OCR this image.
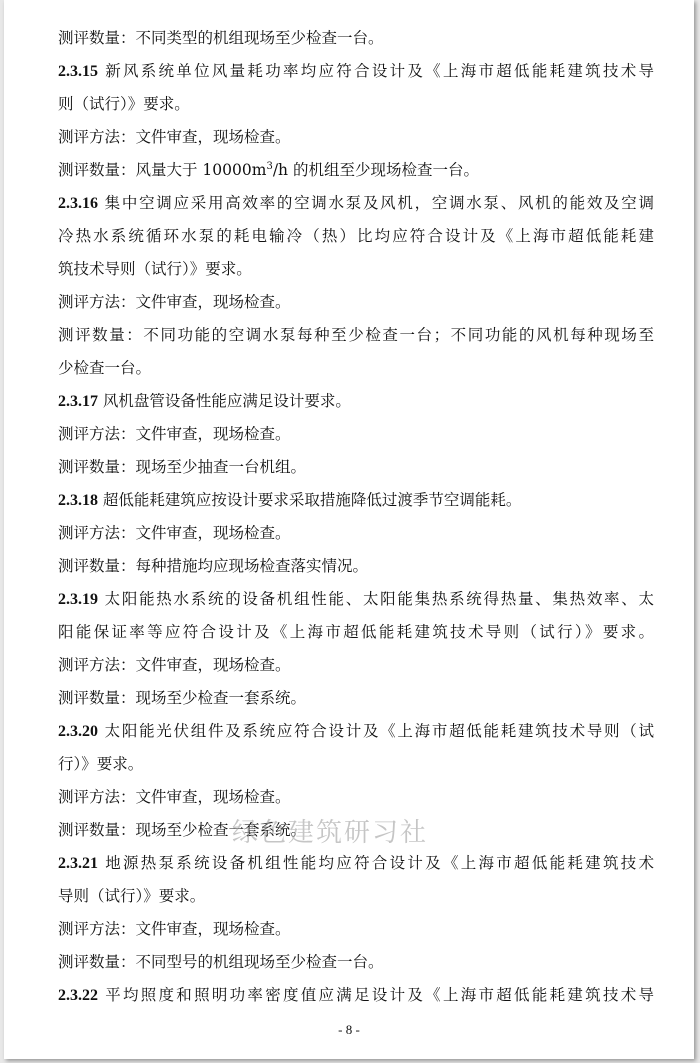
测评数量：不同类型的机组现场至少检查一台。
2.3.15 新风系统单位风量耗功率均应符合设计及《上海市超低能耗建筑技术导
则（试行）》要求。
测评方法：文件审查，现场检查。
测评数量：风量大于 $10000m^3/h$ 的机组至少现场检查一台。
2.3.16 集中空调应采用高效率的空调水泵及风机，空调水泵、风机的能效及空调
冷热水系统循环水泵的耗电输冷（热）比均应符合设计及《上海市超低能耗建
筑技术导则（试行）》要求。
测评方法：文件审查，现场检查。
测评数量：不同功能的空调水泵每种至少检查一台；不同功能的风机每种现场至
少检查一台。
2.3.17 风机盘管设备性能应满足设计要求。
测评方法：文件审查，现场检查。
测评数量：现场至少抽查一台机组。
2.3.18 超低能耗建筑应按设计要求采取措施降低过渡季节空调能耗。
测评方法：文件审查，现场检查。
测评数量：每种措施均应现场检查落实情况。
2.3.19 太阳能热水系统的设备机组性能、太阳能集热系统得热量、集热效率、太
阳能保证率等应符合设计及《上海市超低能耗建筑技术导则（试行）》要求。
测评方法：文件审查，现场检查。
测评数量：现场至少检查一套系统。
2.3.20 太阳能光伏组件及系统应符合设计及《上海市超低能耗建筑技术导则（试
行）》要求。
测评方法：文件审查，现场检查。
测评数量：现场至少检查一套系统。
2.3.21 地源热泵系统设备机组性能均应符合设计及《上海市超低能耗建筑技术
导则（试行）》要求。
测评方法：文件审查，现场检查。
测评数量：不同型号的机组现场至少检查一台。
2.3.22 平均照度和照明功率密度值应满足设计及《上海市超低能耗建筑技术导
绿色建筑研习社
- 8 -
